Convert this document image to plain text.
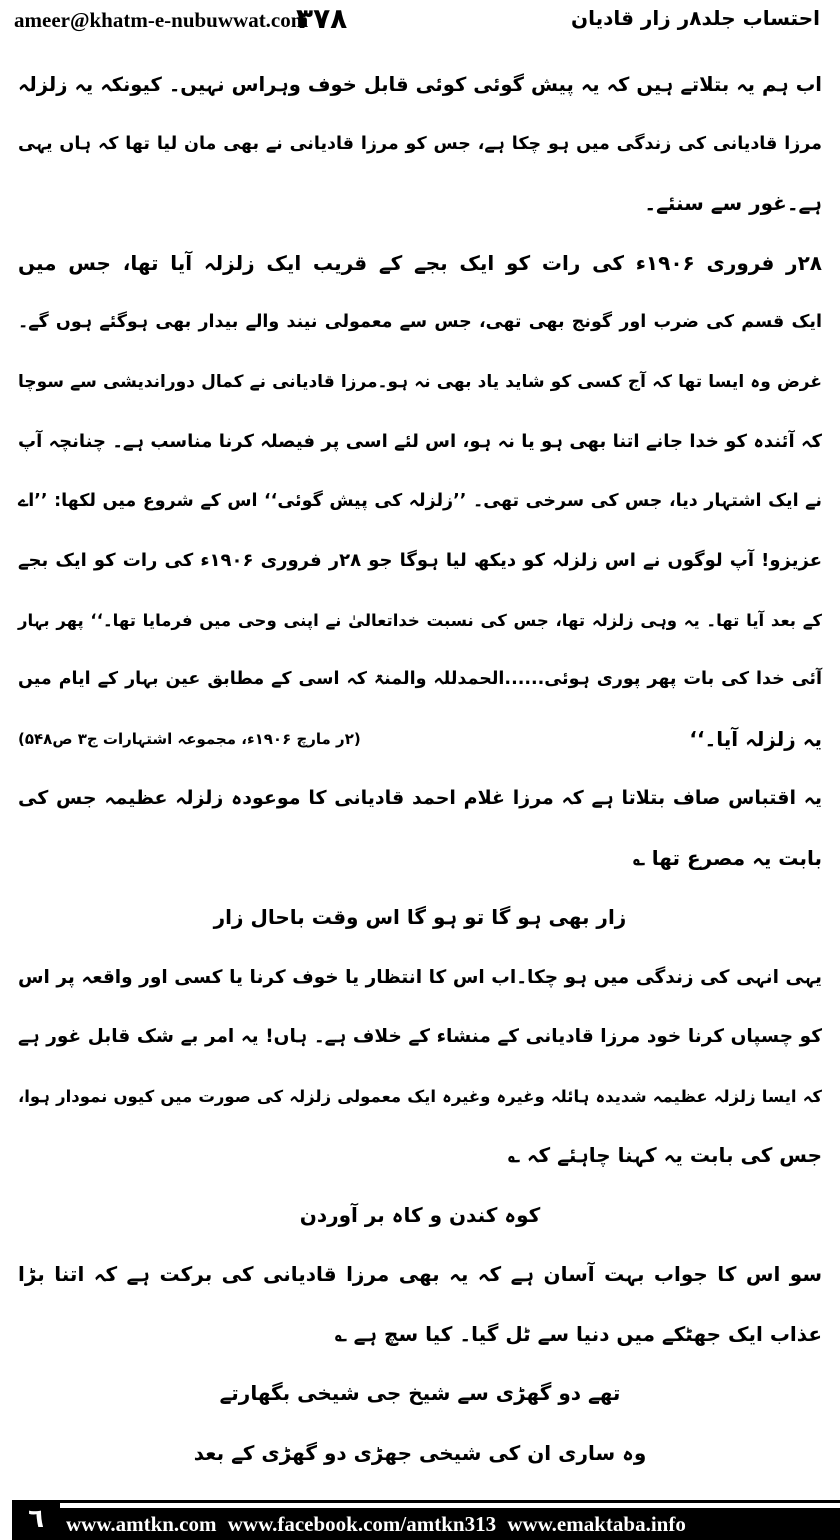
ameer@khatm-e-nubuwwat.com
۳۷۸	احتساب جلد۸ر زار قادیان
اب ہم یہ بتلاتے ہیں کہ یہ پیش گوئی کوئی قابل خوف وہراس نہیں۔ کیونکہ یہ زلزلہ
مرزا قادیانی کی زندگی میں ہو چکا ہے، جس کو مرزا قادیانی نے بھی مان لیا تھا کہ ہاں یہی
ہے۔غور سے سنئے۔
۲۸ر فروری ۱۹۰۶ء کی رات کو ایک بجے کے قریب ایک زلزلہ آیا تھا، جس میں
ایک قسم کی ضرب اور گونج بھی تھی، جس سے معمولی نیند والے بیدار بھی ہوگئے ہوں گے۔
غرض وہ ایسا تھا کہ آج کسی کو شاید یاد بھی نہ ہو۔مرزا قادیانی نے کمال دوراندیشی سے سوچا
کہ آئندہ کو خدا جانے اتنا بھی ہو یا نہ ہو، اس لئے اسی پر فیصلہ کرنا مناسب ہے۔ چنانچہ آپ
نے ایک اشتہار دیا، جس کی سرخی تھی۔ ’’زلزلہ کی پیش گوئی‘‘ اس کے شروع میں لکھا: ’’اے
عزیزو! آپ لوگوں نے اس زلزلہ کو دیکھ لیا ہوگا جو ۲۸ر فروری ۱۹۰۶ء کی رات کو ایک بجے
کے بعد آیا تھا۔ یہ وہی زلزلہ تھا، جس کی نسبت خداتعالیٰ نے اپنی وحی میں فرمایا تھا۔‘‘ پھر بہار
آئی خدا کی بات پھر پوری ہوئی......الحمدللہ والمنۃ کہ اسی کے مطابق عین بہار کے ایام میں
یہ زلزلہ آیا۔‘‘
(۲ر مارچ ۱۹۰۶ء، مجموعہ اشتہارات ج۳ ص۵۴۸)
یہ اقتباس صاف بتلاتا ہے کہ مرزا غلام احمد قادیانی کا موعودہ زلزلہ عظیمہ جس کی
بابت یہ مصرع تھا ؎
زار بھی ہو گا تو ہو گا اس وقت باحال زار
یہی انہی کی زندگی میں ہو چکا۔اب اس کا انتظار یا خوف کرنا یا کسی اور واقعہ پر اس
کو چسپاں کرنا خود مرزا قادیانی کے منشاء کے خلاف ہے۔ ہاں! یہ امر بے شک قابل غور ہے
کہ ایسا زلزلہ عظیمہ شدیدہ ہائلہ وغیرہ وغیرہ ایک معمولی زلزلہ کی صورت میں کیوں نمودار ہوا،
جس کی بابت یہ کہنا چاہئے کہ ؎
کوہ کندن و کاہ بر آوردن
سو اس کا جواب بہت آسان ہے کہ یہ بھی مرزا قادیانی کی برکت ہے کہ اتنا بڑا
عذاب ایک جھٹکے میں دنیا سے ٹل گیا۔ کیا سچ ہے ؎
تھے دو گھڑی سے شیخ جی شیخی بگھارتے
وہ ساری ان کی شیخی جھڑی دو گھڑی کے بعد
٦	www.amtkn.com www.facebook.com/amtkn313 www.emaktaba.info
